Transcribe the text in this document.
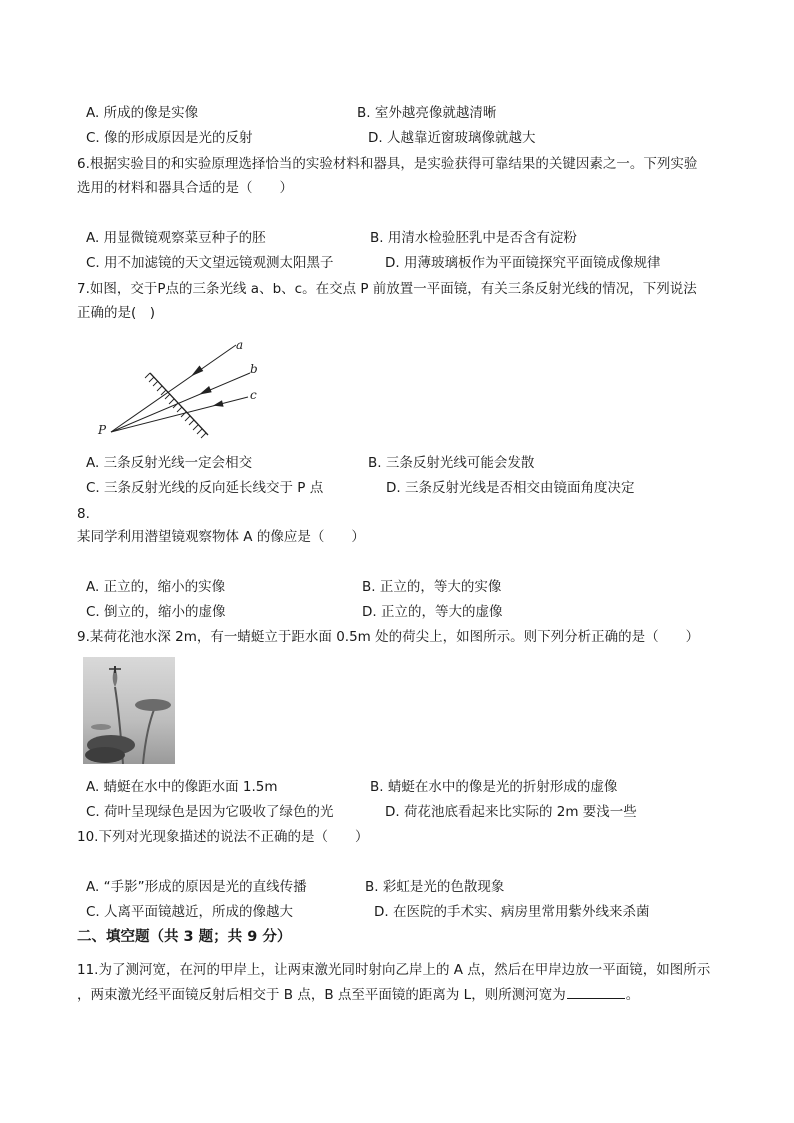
A. 所成的像是实像	B. 室外越亮像就越清晰
C. 像的形成原因是光的反射	D. 人越靠近窗玻璃像就越大
6.根据实验目的和实验原理选择恰当的实验材料和器具，是实验获得可靠结果的关键因素之一。下列实验
选用的材料和器具合适的是（　　）
A. 用显微镜观察菜豆种子的胚	B. 用清水检验胚乳中是否含有淀粉
C. 用不加滤镜的天文望远镜观测太阳黑子	D. 用薄玻璃板作为平面镜探究平面镜成像规律
7.如图，交于P点的三条光线 a、b、c。在交点 P 前放置一平面镜，有关三条反射光线的情况，下列说法
正确的是(　)
a
b
c
P
A. 三条反射光线一定会相交	B. 三条反射光线可能会发散
C. 三条反射光线的反向延长线交于 P 点	D. 三条反射光线是否相交由镜面角度决定
8.
某同学利用潜望镜观察物体 A 的像应是（　　）
A. 正立的，缩小的实像	B. 正立的，等大的实像
C. 倒立的，缩小的虚像	D. 正立的，等大的虚像
9.某荷花池水深 2m，有一蜻蜓立于距水面 0.5m 处的荷尖上，如图所示。则下列分析正确的是（　　）
A. 蜻蜓在水中的像距水面 1.5m	B. 蜻蜓在水中的像是光的折射形成的虚像
C. 荷叶呈现绿色是因为它吸收了绿色的光	D. 荷花池底看起来比实际的 2m 要浅一些
10.下列对光现象描述的说法不正确的是（　　）
A. “手影”形成的原因是光的直线传播	B. 彩虹是光的色散现象
C. 人离平面镜越近，所成的像越大	D. 在医院的手术实、病房里常用紫外线来杀菌
二、填空题（共 3 题；共 9 分）
11.为了测河宽，在河的甲岸上，让两束激光同时射向乙岸上的 A 点，然后在甲岸边放一平面镜，如图所示
，两束激光经平面镜反射后相交于 B 点，B 点至平面镜的距离为 L，则所测河宽为	。
